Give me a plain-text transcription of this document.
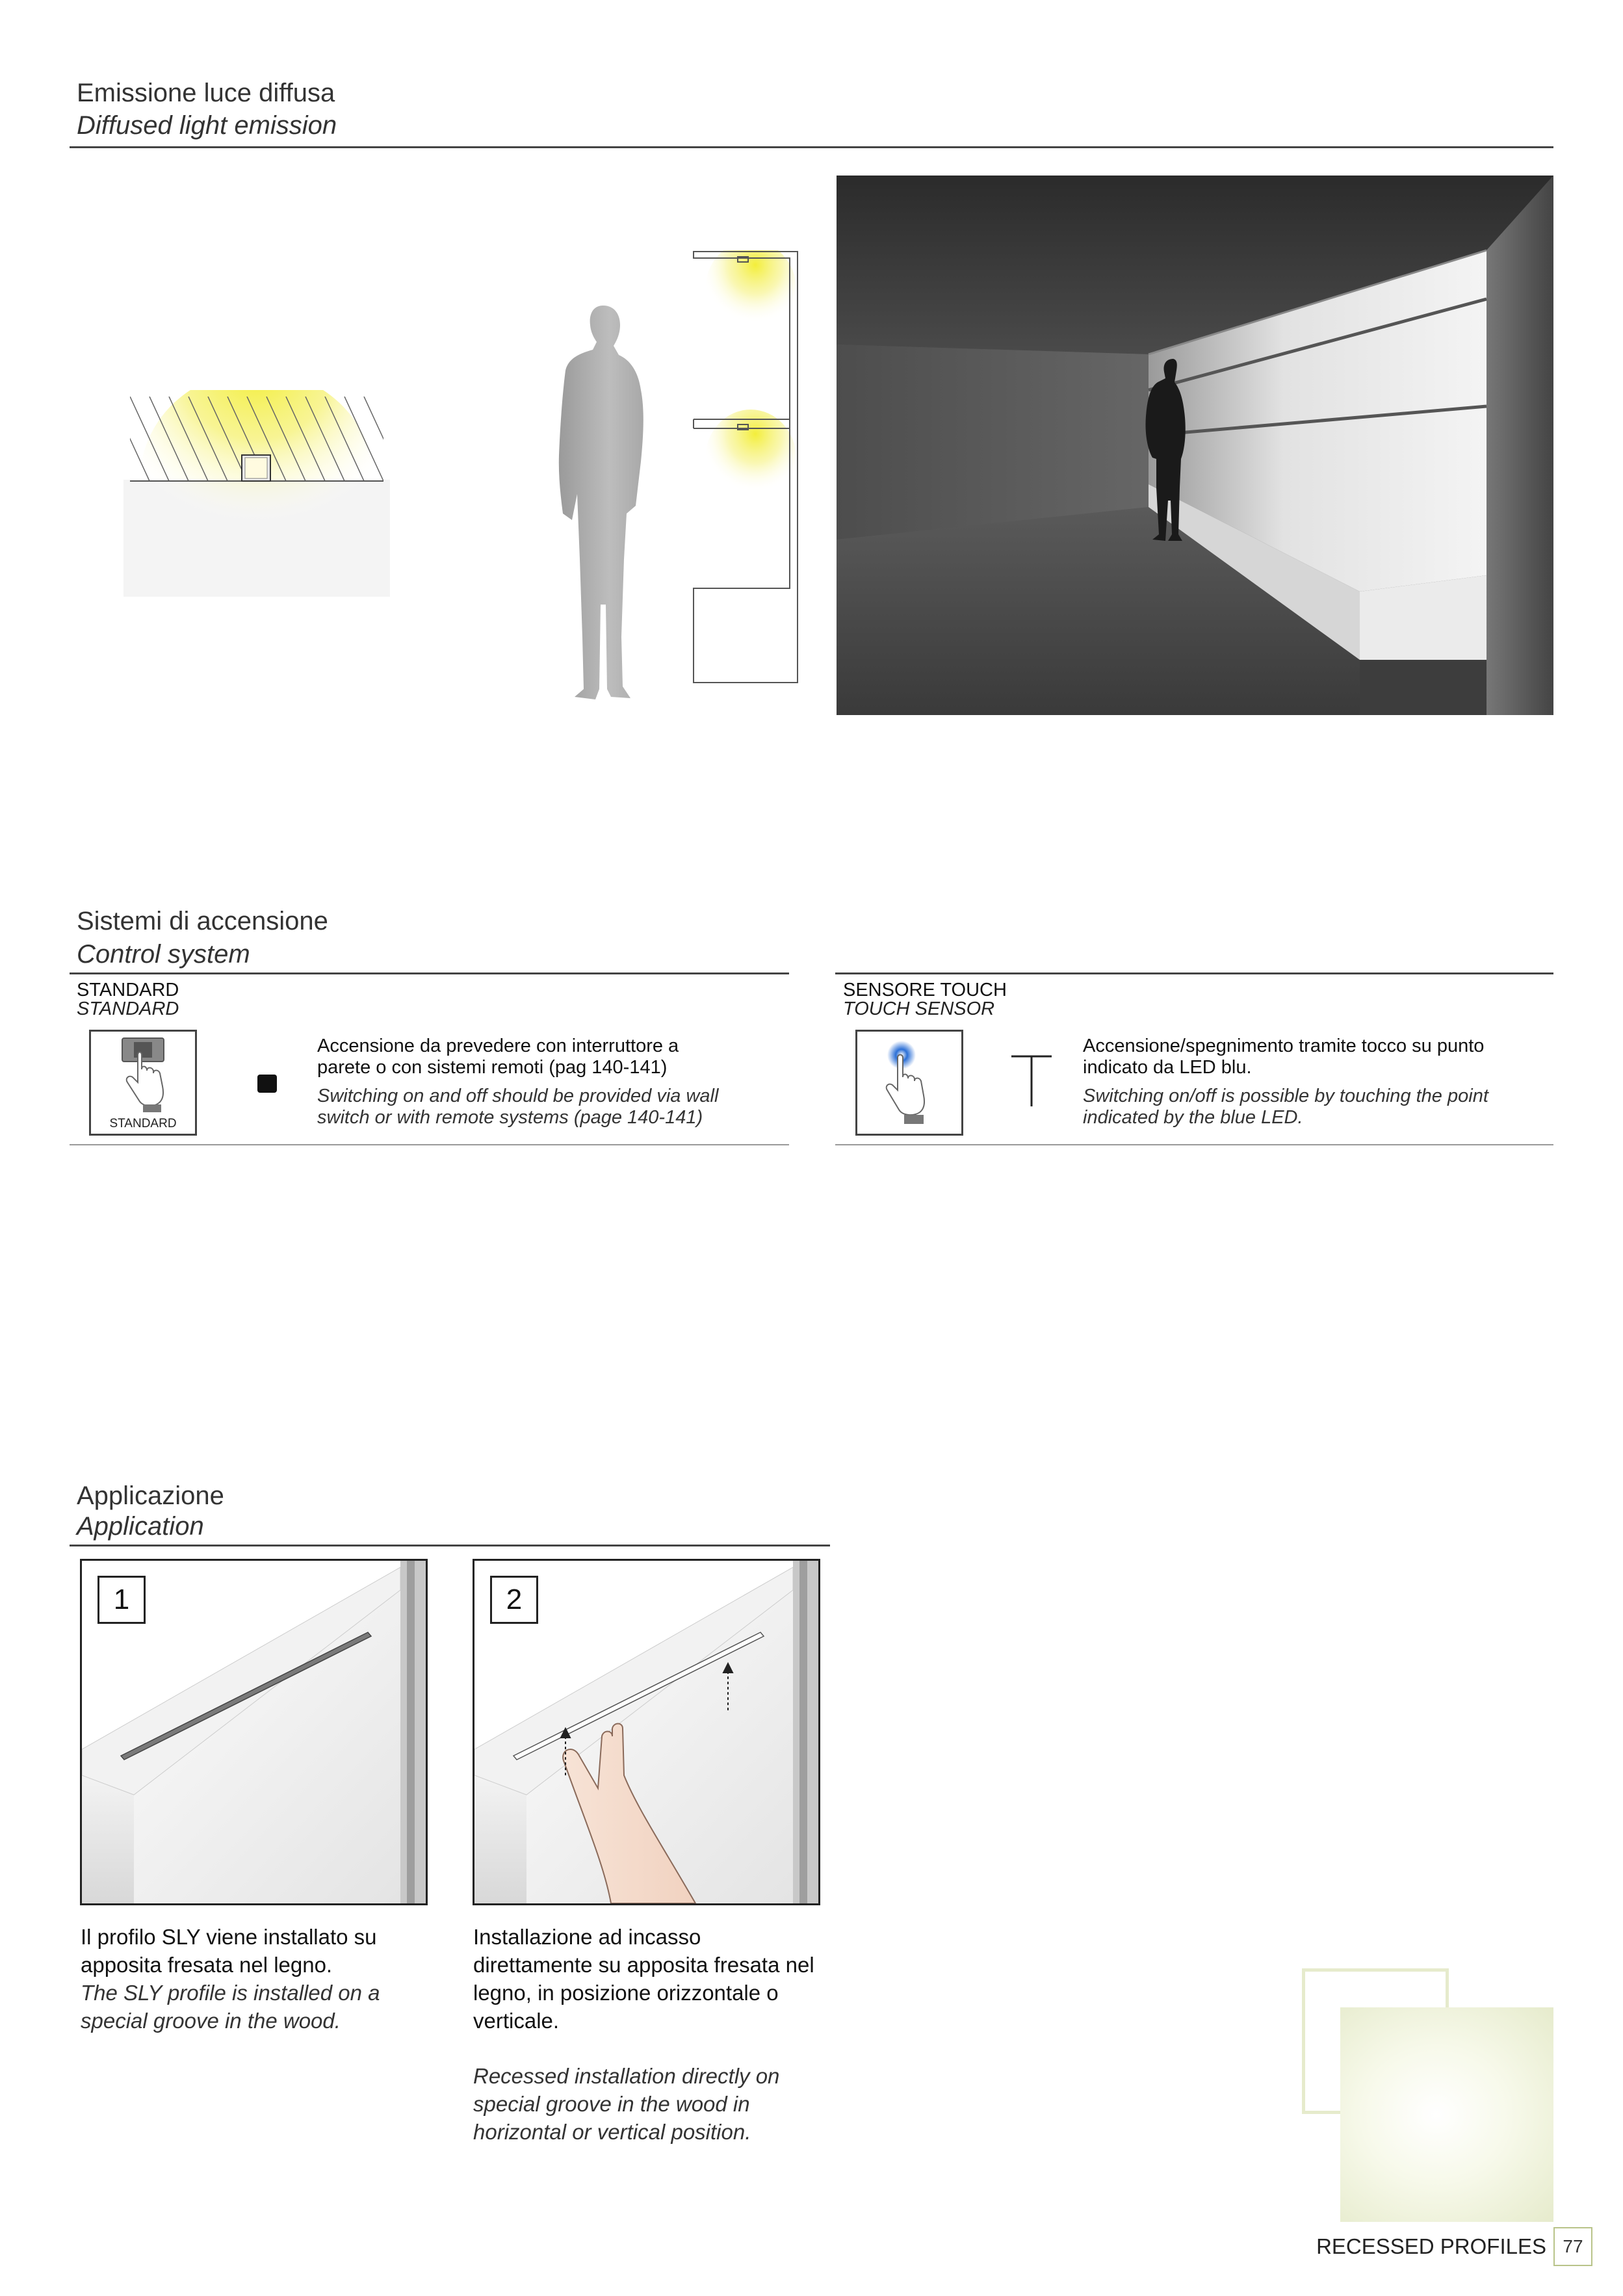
Emissione luce diffusa
Diffused light emission
Sistemi di accensione
Control system
STANDARD
STANDARD
STANDARD
Accensione da prevedere con interruttore a parete o con sistemi remoti (pag 140-141)
Switching on and off should be provided via wall switch or with remote systems (page 140-141)
SENSORE TOUCH
TOUCH SENSOR
Accensione/spegnimento tramite tocco su punto indicato da LED blu.
Switching on/off is possible by touching the point indicated by the blue LED.
Applicazione
Application
1
Il profilo SLY viene installato su apposita fresata nel legno.
The SLY profile is installed on a special groove in the wood.
2
Installazione ad incasso direttamente su apposita fresata nel legno, in posizione orizzontale o verticale.
Recessed installation directly on special groove in the wood in horizontal or vertical position.
RECESSED PROFILES 77
